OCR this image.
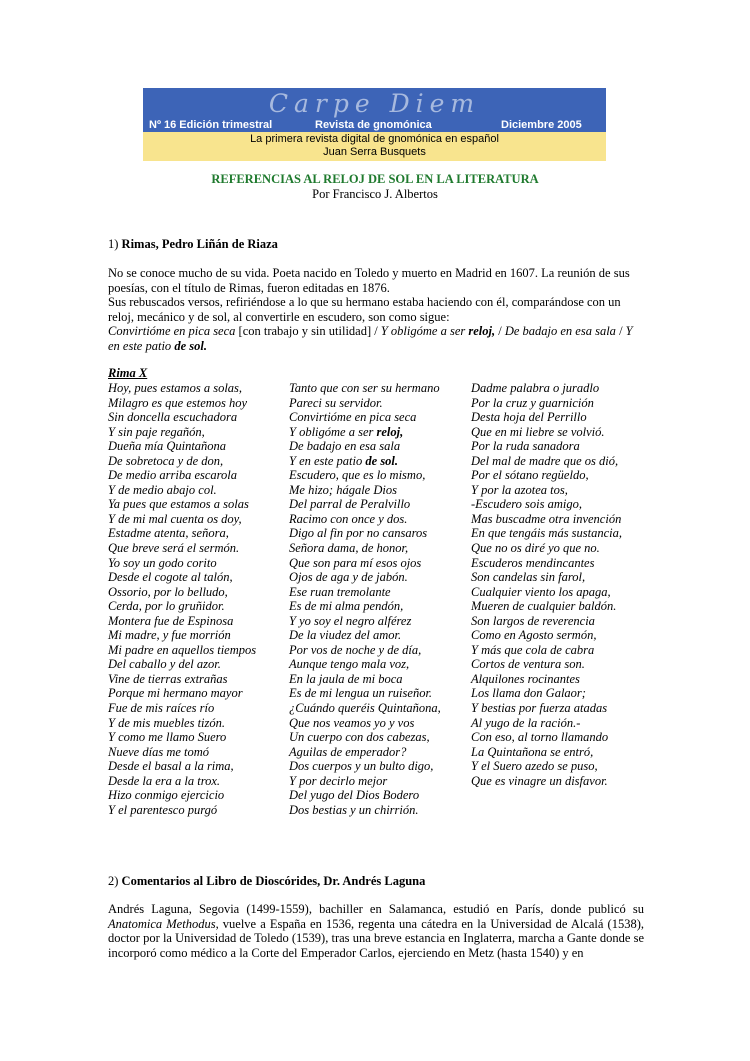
Carpe Diem
Nº 16 Edición trimestral	Revista de gnomónica	Diciembre 2005
La primera revista digital de gnomónica en español
Juan Serra Busquets
REFERENCIAS AL RELOJ DE SOL EN LA LITERATURA
Por Francisco J. Albertos
1) Rimas, Pedro Liñán de Riaza
No se conoce mucho de su vida. Poeta nacido en Toledo y muerto en Madrid en 1607. La reunión de sus poesías, con el título de Rimas, fueron editadas en 1876.
Sus rebuscados versos, refiriéndose a lo que su hermano estaba haciendo con él, comparándose con un reloj, mecánico y de sol, al convertirle en escudero, son como sigue:
Convirtióme en pica seca [con trabajo y sin utilidad] / Y obligóme a ser reloj, / De badajo en esa sala / Y en este patio de sol.
Rima X
Hoy, pues estamos a solas,
Milagro es que estemos hoy
Sin doncella escuchadora
Y sin paje regañón,
Dueña mía Quintañona
De sobretoca y de don,
De medio arriba escarola
Y de medio abajo col.
Ya pues que estamos a solas
Y de mi mal cuenta os doy,
Estadme atenta, señora,
Que breve será el sermón.
Yo soy un godo corito
Desde el cogote al talón,
Ossorio, por lo belludo,
Cerda, por lo gruñidor.
Montera fue de Espinosa
Mi madre, y fue morrión
Mi padre en aquellos tiempos
Del caballo y del azor.
Vine de tierras extrañas
Porque mi hermano mayor
Fue de mis raíces río
Y de mis muebles tizón.
Y como me llamo Suero
Nueve días me tomó
Desde el basal a la rima,
Desde la era a la trox.
Hizo conmigo ejercicio
Y el parentesco purgó
Tanto que con ser su hermano
Pareci su servidor.
Convirtióme en pica seca
Y obligóme a ser reloj,
De badajo en esa sala
Y en este patio de sol.
Escudero, que es lo mismo,
Me hizo; hágale Dios
Del parral de Peralvillo
Racimo con once y dos.
Digo al fin por no cansaros
Señora dama, de honor,
Que son para mí esos ojos
Ojos de aga y de jabón.
Ese ruan tremolante
Es de mi alma pendón,
Y yo soy el negro alférez
De la viudez del amor.
Por vos de noche y de día,
Aunque tengo mala voz,
En la jaula de mi boca
Es de mi lengua un ruiseñor.
¿Cuándo queréis Quintañona,
Que nos veamos yo y vos
Un cuerpo con dos cabezas,
Aguilas de emperador?
Dos cuerpos y un bulto digo,
Y por decirlo mejor
Del yugo del Dios Bodero
Dos bestias y un chirrión.
Dadme palabra o juradlo
Por la cruz y guarnición
Desta hoja del Perrillo
Que en mi liebre se volvió.
Por la ruda sanadora
Del mal de madre que os dió,
Por el sótano regüeldo,
Y por la azotea tos,
-Escudero sois amigo,
Mas buscadme otra invención
En que tengáis más sustancia,
Que no os diré yo que no.
Escuderos mendincantes
Son candelas sin farol,
Cualquier viento los apaga,
Mueren de cualquier baldón.
Son largos de reverencia
Como en Agosto sermón,
Y más que cola de cabra
Cortos de ventura son.
Alquilones rocinantes
Los llama don Galaor;
Y bestias por fuerza atadas
Al yugo de la ración.-
Con eso, al torno llamando
La Quintañona se entró,
Y el Suero azedo se puso,
Que es vinagre un disfavor.
2) Comentarios al Libro de Dioscórides, Dr. Andrés Laguna
Andrés Laguna, Segovia (1499-1559), bachiller en Salamanca, estudió en París, donde publicó su Anatomica Methodus, vuelve a España en 1536, regenta una cátedra en la Universidad de Alcalá (1538), doctor por la Universidad de Toledo (1539), tras una breve estancia en Inglaterra, marcha a Gante donde se incorporó como médico a la Corte del Emperador Carlos, ejerciendo en Metz (hasta 1540) y en
